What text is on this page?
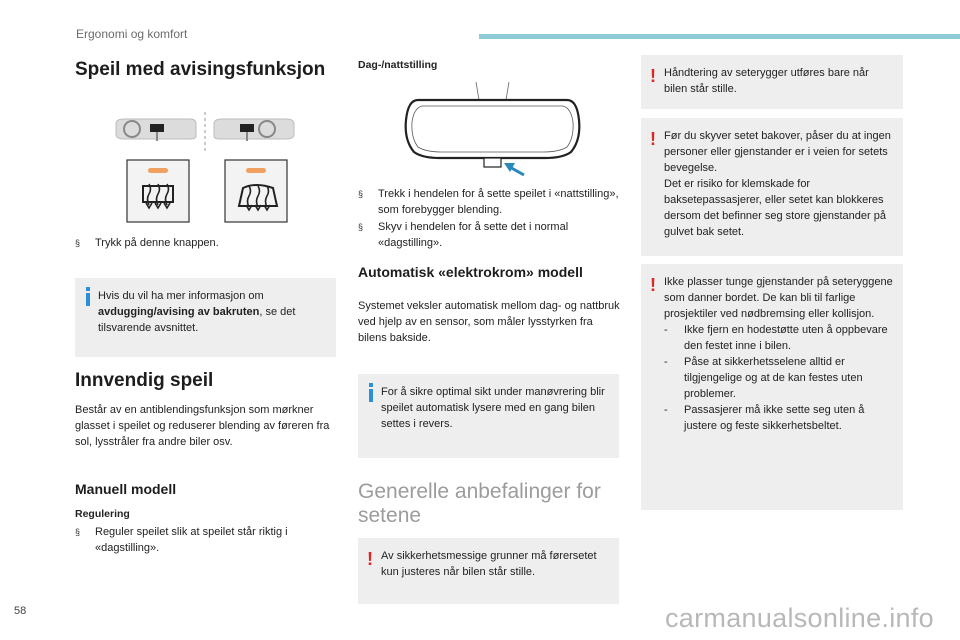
Ergonomi og komfort
Speil med avisingsfunksjon
§ Trykk på denne knappen.
Hvis du vil ha mer informasjon om avdugging/avising av bakruten, se det tilsvarende avsnittet.
Innvendig speil

Består av en antiblendingsfunksjon som mørkner glasset i speilet og reduserer blending av føreren fra sol, lysstråler fra andre biler osv.

Manuell modell
Regulering
§ Reguler speilet slik at speilet står riktig i «dagstilling».
Dag-/nattstilling
§ Trekk i hendelen for å sette speilet i «nattstilling», som forebygger blending.
§ Skyv i hendelen for å sette det i normal «dagstilling».
Automatisk «elektrokrom» modell

Systemet veksler automatisk mellom dag- og nattbruk ved hjelp av en sensor, som måler lysstyrken fra bilens bakside.

For å sikre optimal sikt under manøvrering blir speilet automatisk lysere med en gang bilen settes i revers.
Generelle anbefalinger for setene
! Av sikkerhetsmessige grunner må førersetet kun justeres når bilen står stille.
! Håndtering av seterygger utføres bare når bilen står stille.
! Før du skyver setet bakover, påser du at ingen personer eller gjenstander er i veien for setets bevegelse.
Det er risiko for klemskade for baksetepassasjerer, eller setet kan blokkeres dersom det befinner seg store gjenstander på gulvet bak setet.
! Ikke plasser tunge gjenstander på seteryggene som danner bordet. De kan bli til farlige prosjektiler ved nødbremsing eller kollisjon.
- Ikke fjern en hodestøtte uten å oppbevare den festet inne i bilen.
- Påse at sikkerhetsselene alltid er tilgjengelige og at de kan festes uten problemer.
- Passasjerer må ikke sette seg uten å justere og feste sikkerhetsbeltet.
58	carmanualsonline.info
